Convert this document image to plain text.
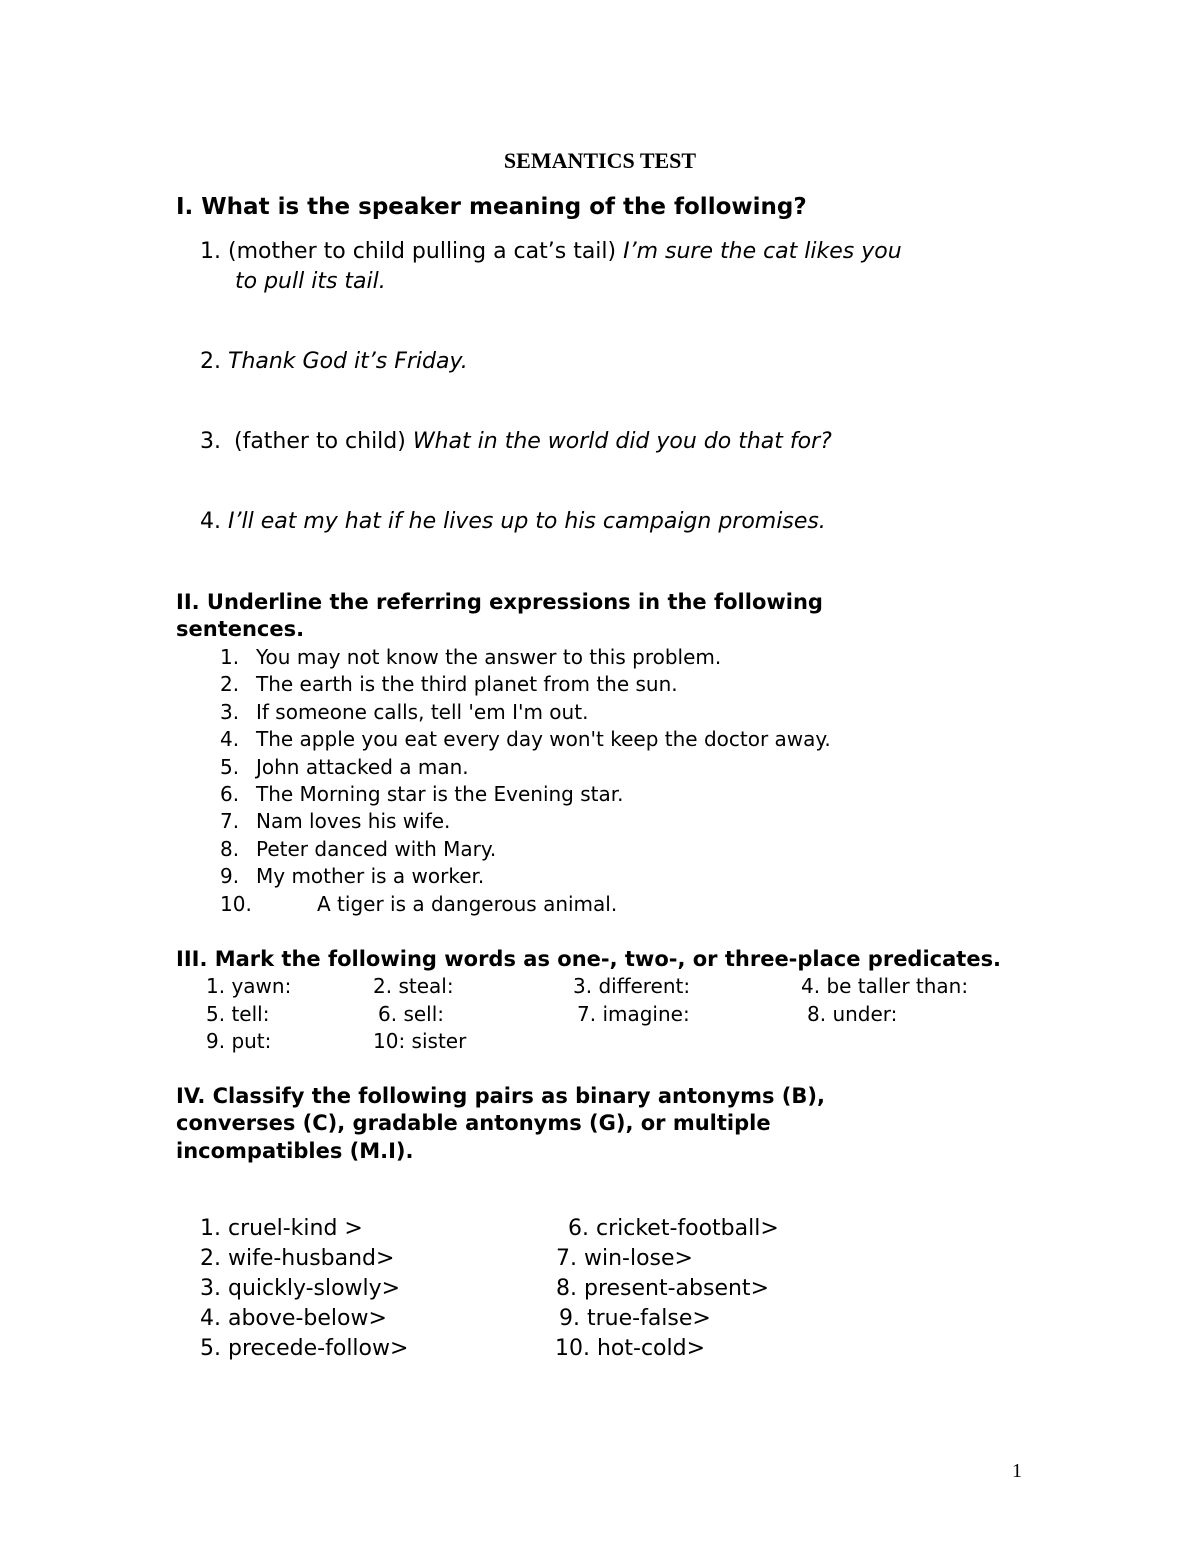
SEMANTICS TEST
I. What is the speaker meaning of the following?
1. (mother to child pulling a cat’s tail) I’m sure the cat likes you
to pull its tail.
2. Thank God it’s Friday.
3. (father to child) What in the world did you do that for?
4. I’ll eat my hat if he lives up to his campaign promises.
II. Underline the referring expressions in the following
sentences.
1. You may not know the answer to this problem.
2. The earth is the third planet from the sun.
3. If someone calls, tell 'em I'm out.
4. The apple you eat every day won't keep the doctor away.
5. John attacked a man.
6. The Morning star is the Evening star.
7. Nam loves his wife.
8. Peter danced with Mary.
9. My mother is a worker.
10.	A tiger is a dangerous animal.
III. Mark the following words as one-, two-, or three-place predicates.
1. yawn:	2. steal:	3. different:	4. be taller than:
5. tell:	6. sell:	7. imagine:	8. under:
9. put:	10: sister
IV. Classify the following pairs as binary antonyms (B),
converses (C), gradable antonyms (G), or multiple
incompatibles (M.I).
1. cruel-kind >
2. wife-husband>
3. quickly-slowly>
4. above-below>
5. precede-follow>
6. cricket-football>
7. win-lose>
8. present-absent>
9. true-false>
10. hot-cold>
1
